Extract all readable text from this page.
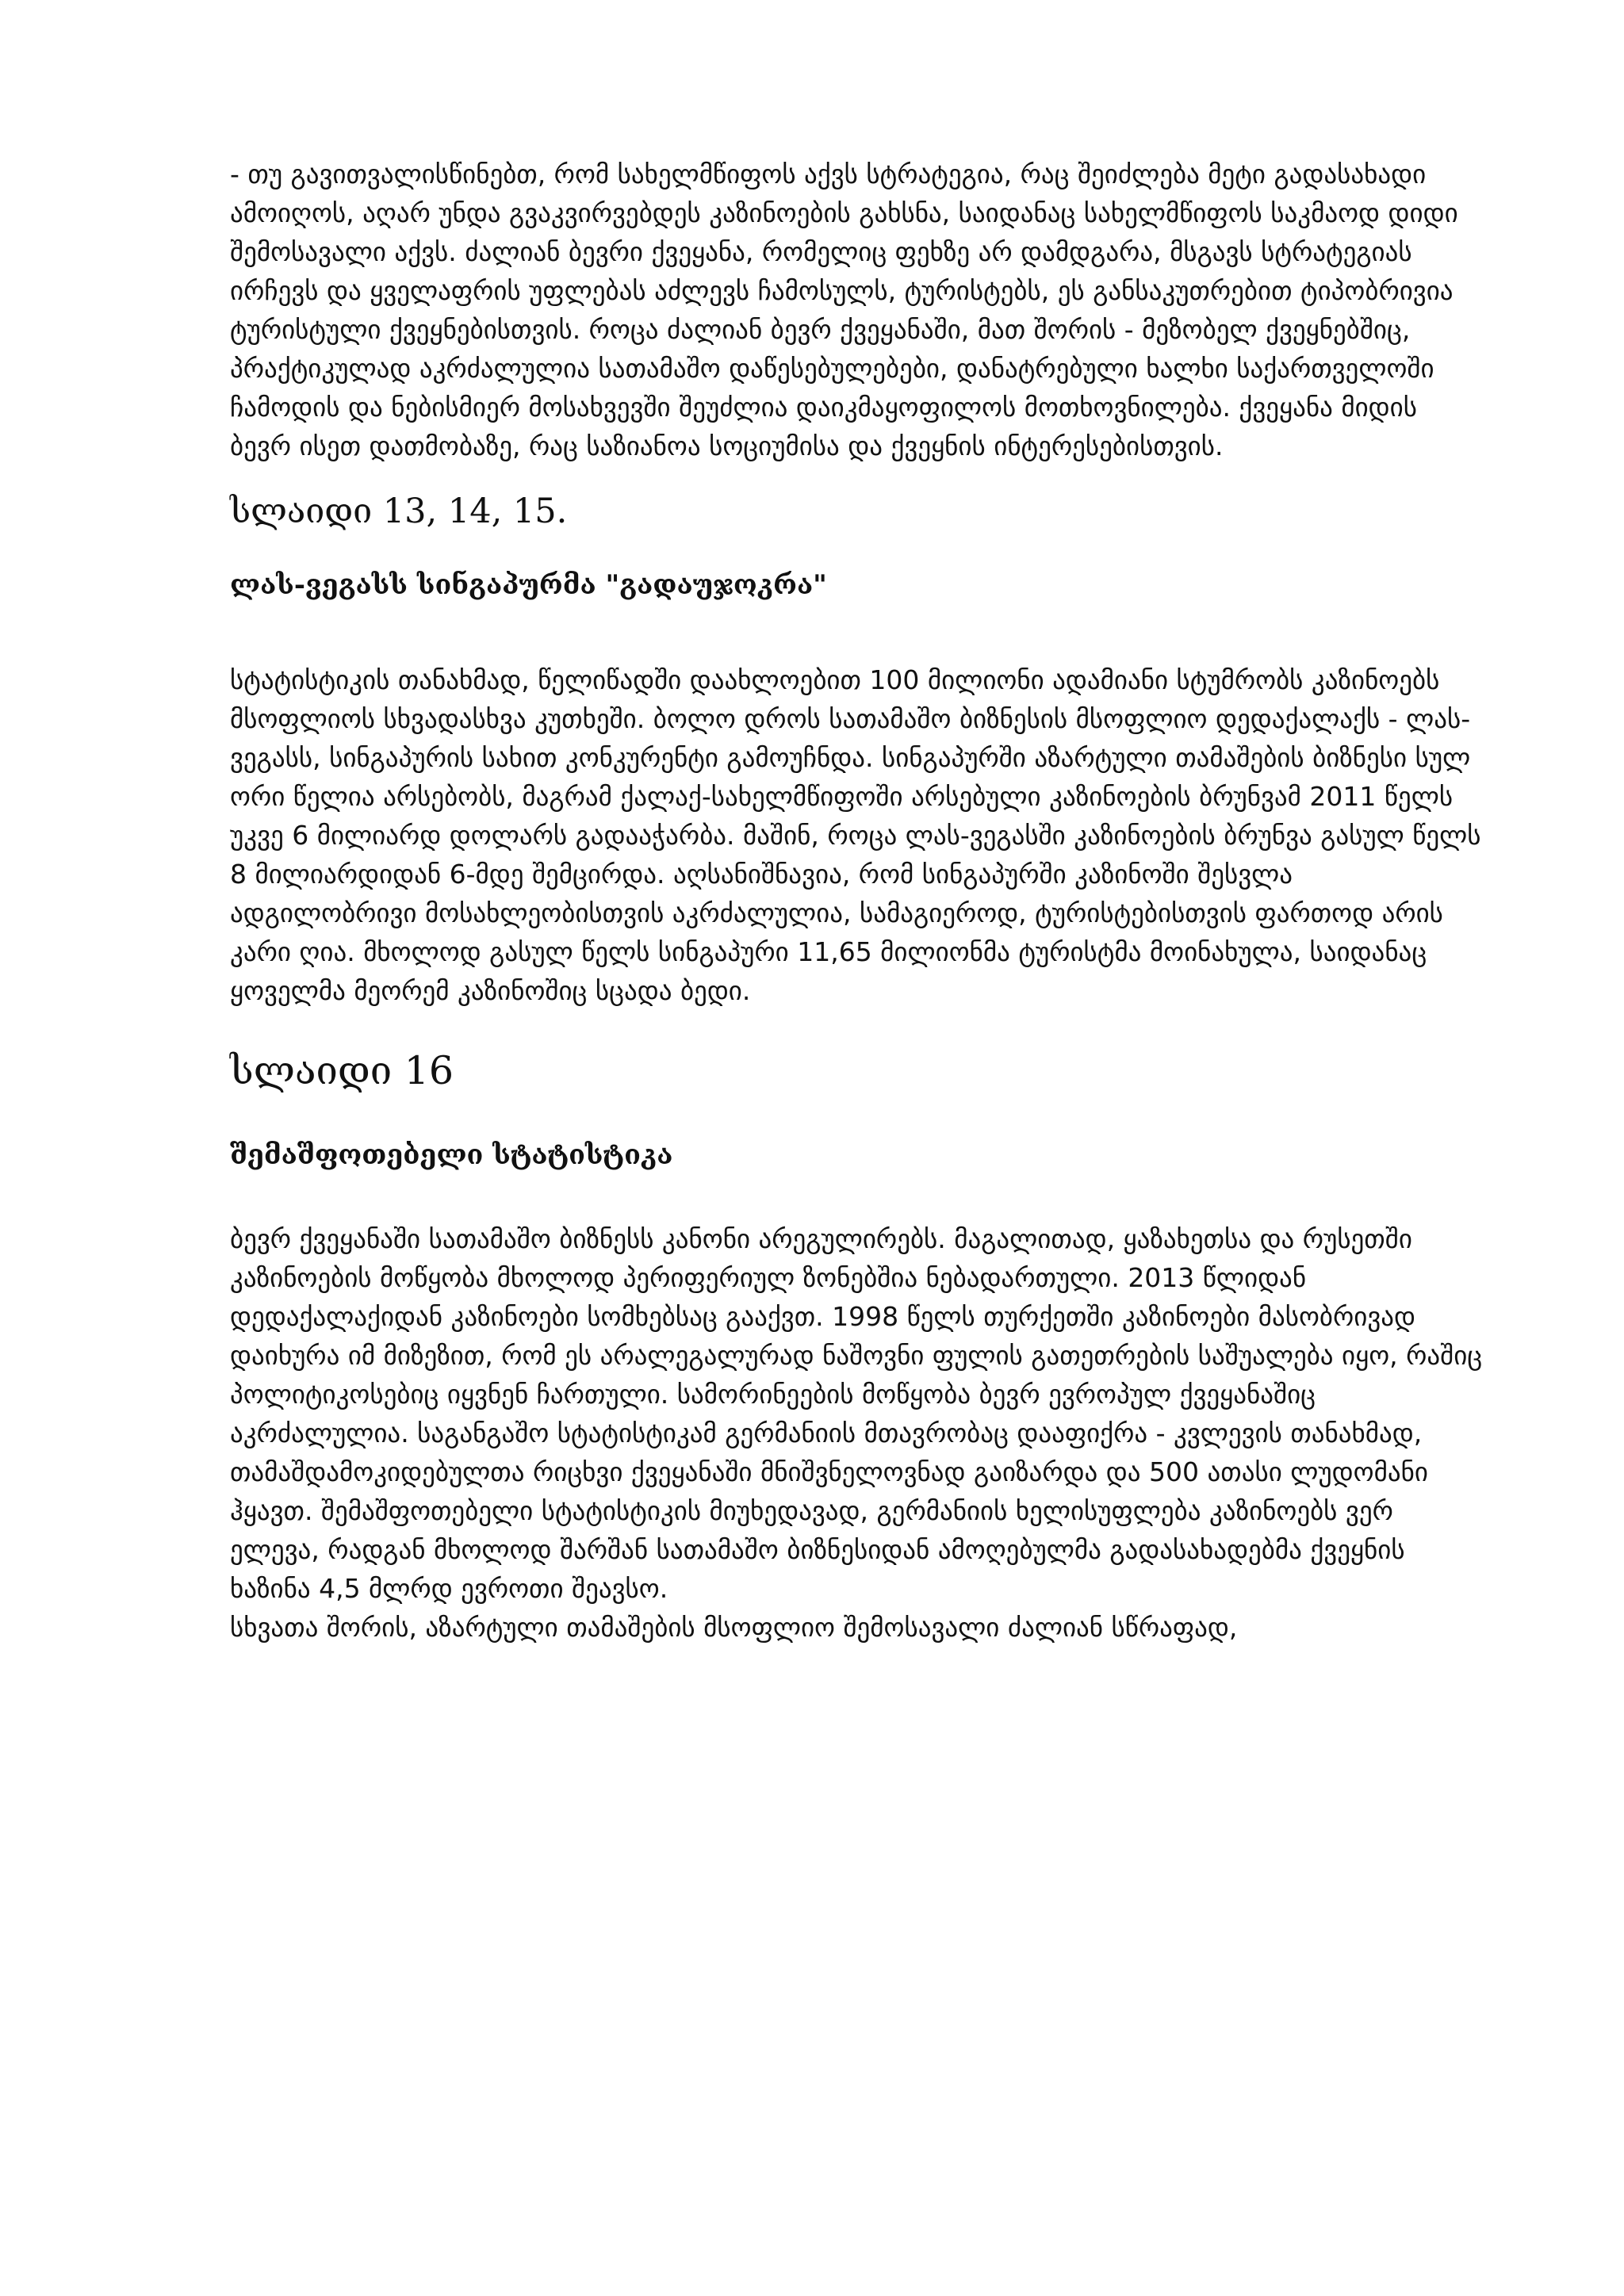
- თუ გავითვალისწინებთ, რომ სახელმწიფოს აქვს სტრატეგია, რაც შეიძლება მეტი გადასახადი ამოიღოს, აღარ უნდა გვაკვირვებდეს კაზინოების გახსნა, საიდანაც სახელმწიფოს საკმაოდ დიდი შემოსავალი აქვს. ძალიან ბევრი ქვეყანა, რომელიც ფეხზე არ დამდგარა, მსგავს სტრატეგიას ირჩევს და ყველაფრის უფლებას აძლევს ჩამოსულს, ტურისტებს, ეს განსაკუთრებით ტიპობრივია ტურისტული ქვეყნებისთვის. როცა ძალიან ბევრ ქვეყანაში, მათ შორის - მეზობელ ქვეყნებშიც, პრაქტიკულად აკრძალულია სათამაშო დაწესებულებები, დანატრებული ხალხი საქართველოში ჩამოდის და ნებისმიერ მოსახვევში შეუძლია დაიკმაყოფილოს მოთხოვნილება. ქვეყანა მიდის ბევრ ისეთ დათმობაზე, რაც საზიანოა სოციუმისა და ქვეყნის ინტერესებისთვის.

სლაიდი 13, 14, 15.
ლას-ვეგასს სინგაპურმა "გადაუჯოკრა"

სტატისტიკის თანახმად, წელიწადში დაახლოებით 100 მილიონი ადამიანი სტუმრობს კაზინოებს მსოფლიოს სხვადასხვა კუთხეში. ბოლო დროს სათამაშო ბიზნესის მსოფლიო დედაქალაქს - ლას-ვეგასს, სინგაპურის სახით კონკურენტი გამოუჩნდა. სინგაპურში აზარტული თამაშების ბიზნესი სულ ორი წელია არსებობს, მაგრამ ქალაქ-სახელმწიფოში არსებული კაზინოების ბრუნვამ 2011 წელს უკვე 6 მილიარდ დოლარს გადააჭარბა. მაშინ, როცა ლას-ვეგასში კაზინოების ბრუნვა გასულ წელს 8 მილიარდიდან 6-მდე შემცირდა. აღსანიშნავია, რომ სინგაპურში კაზინოში შესვლა ადგილობრივი მოსახლეობისთვის აკრძალულია, სამაგიეროდ, ტურისტებისთვის ფართოდ არის კარი ღია. მხოლოდ გასულ წელს სინგაპური 11,65 მილიონმა ტურისტმა მოინახულა, საიდანაც ყოველმა მეორემ კაზინოშიც სცადა ბედი.

სლაიდი 16
შემაშფოთებელი სტატისტიკა

ბევრ ქვეყანაში სათამაშო ბიზნესს კანონი არეგულირებს. მაგალითად, ყაზახეთსა და რუსეთში კაზინოების მოწყობა მხოლოდ პერიფერიულ ზონებშია ნებადართული. 2013 წლიდან დედაქალაქიდან კაზინოები სომხებსაც გააქვთ. 1998 წელს თურქეთში კაზინოები მასობრივად დაიხურა იმ მიზეზით, რომ ეს არალეგალურად ნაშოვნი ფულის გათეთრების საშუალება იყო, რაშიც პოლიტიკოსებიც იყვნენ ჩართული. სამორინეების მოწყობა ბევრ ევროპულ ქვეყანაშიც აკრძალულია. საგანგაშო სტატისტიკამ გერმანიის მთავრობაც დააფიქრა - კვლევის თანახმად, თამაშდამოკიდებულთა რიცხვი ქვეყანაში მნიშვნელოვნად გაიზარდა და 500 ათასი ლუდომანი ჰყავთ. შემაშფოთებელი სტატისტიკის მიუხედავად, გერმანიის ხელისუფლება კაზინოებს ვერ ელევა, რადგან მხოლოდ შარშან სათამაშო ბიზნესიდან ამოღებულმა გადასახადებმა ქვეყნის ხაზინა 4,5 მლრდ ევროთი შეავსო.

სხვათა შორის, აზარტული თამაშების მსოფლიო შემოსავალი ძალიან სწრაფად,
